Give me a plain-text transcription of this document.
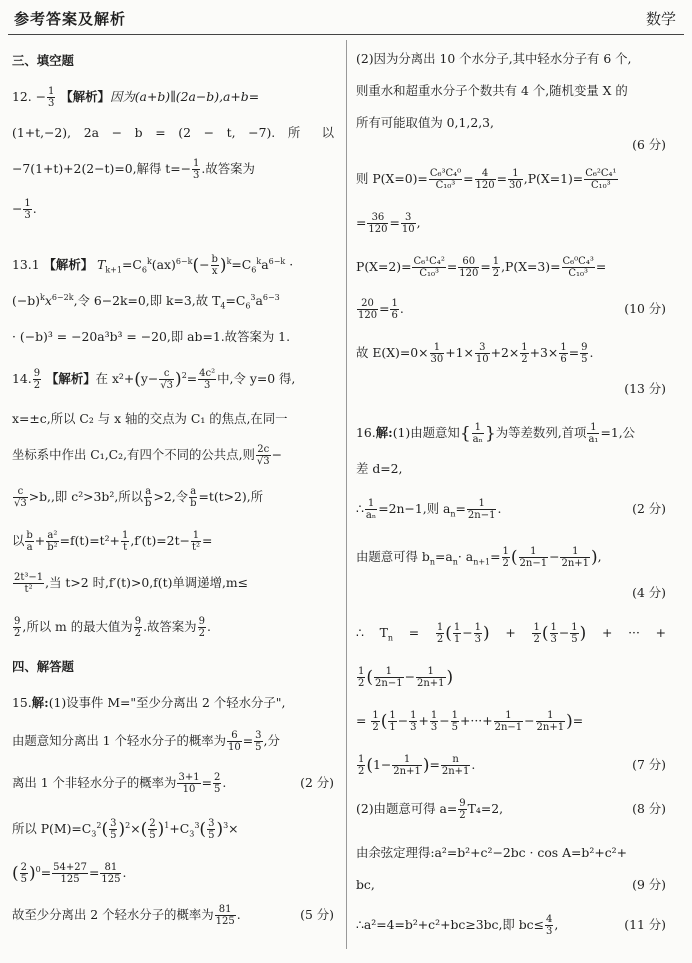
参考答案及解析	数学
三、填空题
12. − $\frac{1}{3}$ 【解析】因为(a+b)∥(2a−b),a+b=
(1+t,−2), 2a − b = (2 − t, −7). 所 以
−7(1+t)+2(2−t)=0,解得 $t=- \frac{1}{3}$ .故答案为
− $\frac{1}{3}$ .
13.1 【解析】 $T_{k+1}=C_6^k(ax)^{6-k}(- \frac{b}{x} )^k=C_6^ka^{6-k}$ ·
$(-b)^kx^{6-2k}$,令 6−2k=0,即 k=3,故 $T_4=C_6^3a^{6-3}$
· (−b)³ = −20a³b³ = −20,即 ab=1.故答案为 1.
14. $\frac{9}{2}$ 【解析】在 $x^2+(y- \frac{c}{√3} )^2= \frac{\text{4c²}}{3}$ 中,令 y=0 得,
x=±c,所以 C₂ 与 x 轴的交点为 C₁ 的焦点,在同一
坐标系中作出 C₁,C₂,有四个不同的公共点,则 $\frac{2c}{√3}$ −
$\frac{c}{√3} >b$,,即 c²>3b²,所以 $\frac{a}{b} >2$,令 $\frac{a}{b} =t(t>2)$,所
以 $\frac{b}{a} + \frac{\text{a²}}{\text{b²}} =f(t)=t^2+ \frac{1}{t} ,f'(t)=2t- \frac{1}{\text{t²}}$ =
$\frac{\text{2t³−1}}{\text{t²}}$ ,当 t>2 时,f′(t)>0,f(t)单调递增,m≤
$\frac{9}{2}$ ,所以 m 的最大值为 $\frac{9}{2}$ .故答案为 $\frac{9}{2}$ .
四、解答题
15.解:(1)设事件 M="至少分离出 2 个轻水分子",
由题意知分离出 1 个轻水分子的概率为 $\frac{6}{10} = \frac{3}{5}$ ,分
离出 1 个非轻水分子的概率为 $\frac{3+1}{10} = \frac{2}{5}$ .	(2 分)
所以 $P(M)=C_3^2( \frac{3}{5} )^2\times( \frac{2}{5} )^1+C_3^3( \frac{3}{5} )^3\times$
( $\frac{2}{5} )^0= \frac{54+27}{125} = \frac{81}{125}$ .
故至少分离出 2 个轻水分子的概率为 $\frac{81}{125}$ .	(5 分)
(2)因为分离出 10 个水分子,其中轻水分子有 6 个,
则重水和超重水分子个数共有 4 个,随机变量 X 的
所有可能取值为 0,1,2,3,
(6 分)
则 $P(X=0)= \frac{\text{C₆³C₄⁰}}{\text{C₁₀³}} = \frac{4}{120} = \frac{1}{30} ,P(X=1)= \frac{\text{C₆²C₄¹}}{\text{C₁₀³}}$
= $\frac{36}{120} = \frac{3}{10}$ ,
$P(X=2)= \frac{\text{C₆¹C₄²}}{\text{C₁₀³}} = \frac{60}{120} = \frac{1}{2} ,P(X=3)= \frac{\text{C₆⁰C₄³}}{\text{C₁₀³}}$ =
$\frac{20}{120} = \frac{1}{6}$ .	(10 分)
故 $E(X)=0\times \frac{1}{30} +1\times \frac{3}{10} +2\times \frac{1}{2} +3\times \frac{1}{6} = \frac{9}{5}$ .
(13 分)
16.解:(1)由题意知{ $\frac{1}{\text{aₙ}}$ }为等差数列,首项 $\frac{1}{\text{a₁}} =1$,公
差 d=2,
∴ $\frac{1}{\text{aₙ}} =2n-1$,则 $a_n= \frac{1}{2n-1}$ .	(2 分)
由题意可得 $b_n=a_n\cdot a_{n+1}= \frac{1}{2}$ ( $\frac{1}{2n-1} - \frac{1}{2n+1}$ ),
(4 分)
∴ $T_n = \frac{1}{2}$ ( $\frac{1}{1} - \frac{1}{3}$ ) + $\frac{1}{2}$ ( $\frac{1}{3} - \frac{1}{5}$ ) + ··· +
$\frac{1}{2}$ ( $\frac{1}{2n-1} - \frac{1}{2n+1}$ )
= $\frac{1}{2}$ ( $\frac{1}{1} - \frac{1}{3} + \frac{1}{3} - \frac{1}{5}$ +···+ $\frac{1}{2n-1} - \frac{1}{2n+1}$ )=
$\frac{1}{2} (1- \frac{1}{2n+1}$ )= $\frac{n}{2n+1}$ .	(7 分)
(2)由题意可得 $a= \frac{9}{2} T_4=2$,	(8 分)
由余弦定理得:a²=b²+c²−2bc · cos A=b²+c²+
bc,	(9 分)
∴a²=4=b²+c²+bc≥3bc,即 $bc\le \frac{4}{3}$ ,	(11 分)
